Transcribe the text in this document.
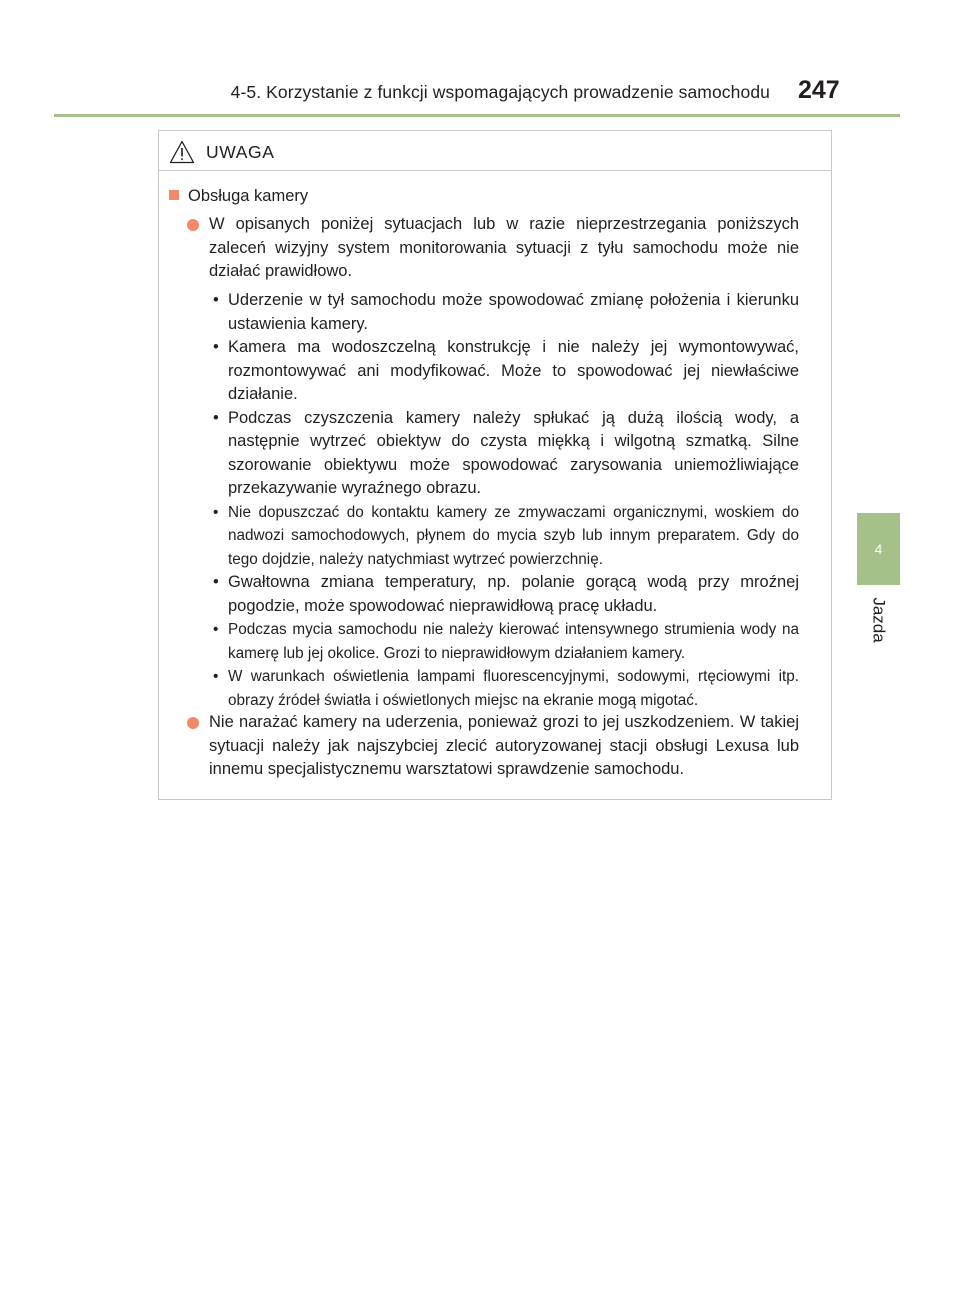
4-5. Korzystanie z funkcji wspomagających prowadzenie samochodu 247
4
Jazda
UWAGA
Obsługa kamery
W opisanych poniżej sytuacjach lub w razie nieprzestrzegania poniższych zaleceń wizyjny system monitorowania sytuacji z tyłu samochodu może nie działać prawidłowo.
• Uderzenie w tył samochodu może spowodować zmianę położenia i kierunku ustawienia kamery.
• Kamera ma wodoszczelną konstrukcję i nie należy jej wymontowywać, rozmontowywać ani modyfikować. Może to spowodować jej niewłaściwe działanie.
• Podczas czyszczenia kamery należy spłukać ją dużą ilością wody, a następnie wytrzeć obiektyw do czysta miękką i wilgotną szmatką. Silne szorowanie obiektywu może spowodować zarysowania uniemożliwiające przekazywanie wyraźnego obrazu.
• Nie dopuszczać do kontaktu kamery ze zmywaczami organicznymi, woskiem do nadwozi samochodowych, płynem do mycia szyb lub innym preparatem. Gdy do tego dojdzie, należy natychmiast wytrzeć powierzchnię.
• Gwałtowna zmiana temperatury, np. polanie gorącą wodą przy mroźnej pogodzie, może spowodować nieprawidłową pracę układu.
• Podczas mycia samochodu nie należy kierować intensywnego strumienia wody na kamerę lub jej okolice. Grozi to nieprawidłowym działaniem kamery.
• W warunkach oświetlenia lampami fluorescencyjnymi, sodowymi, rtęciowymi itp. obrazy źródeł światła i oświetlonych miejsc na ekranie mogą migotać.
Nie narażać kamery na uderzenia, ponieważ grozi to jej uszkodzeniem. W takiej sytuacji należy jak najszybciej zlecić autoryzowanej stacji obsługi Lexusa lub innemu specjalistycznemu warsztatowi sprawdzenie samochodu.
